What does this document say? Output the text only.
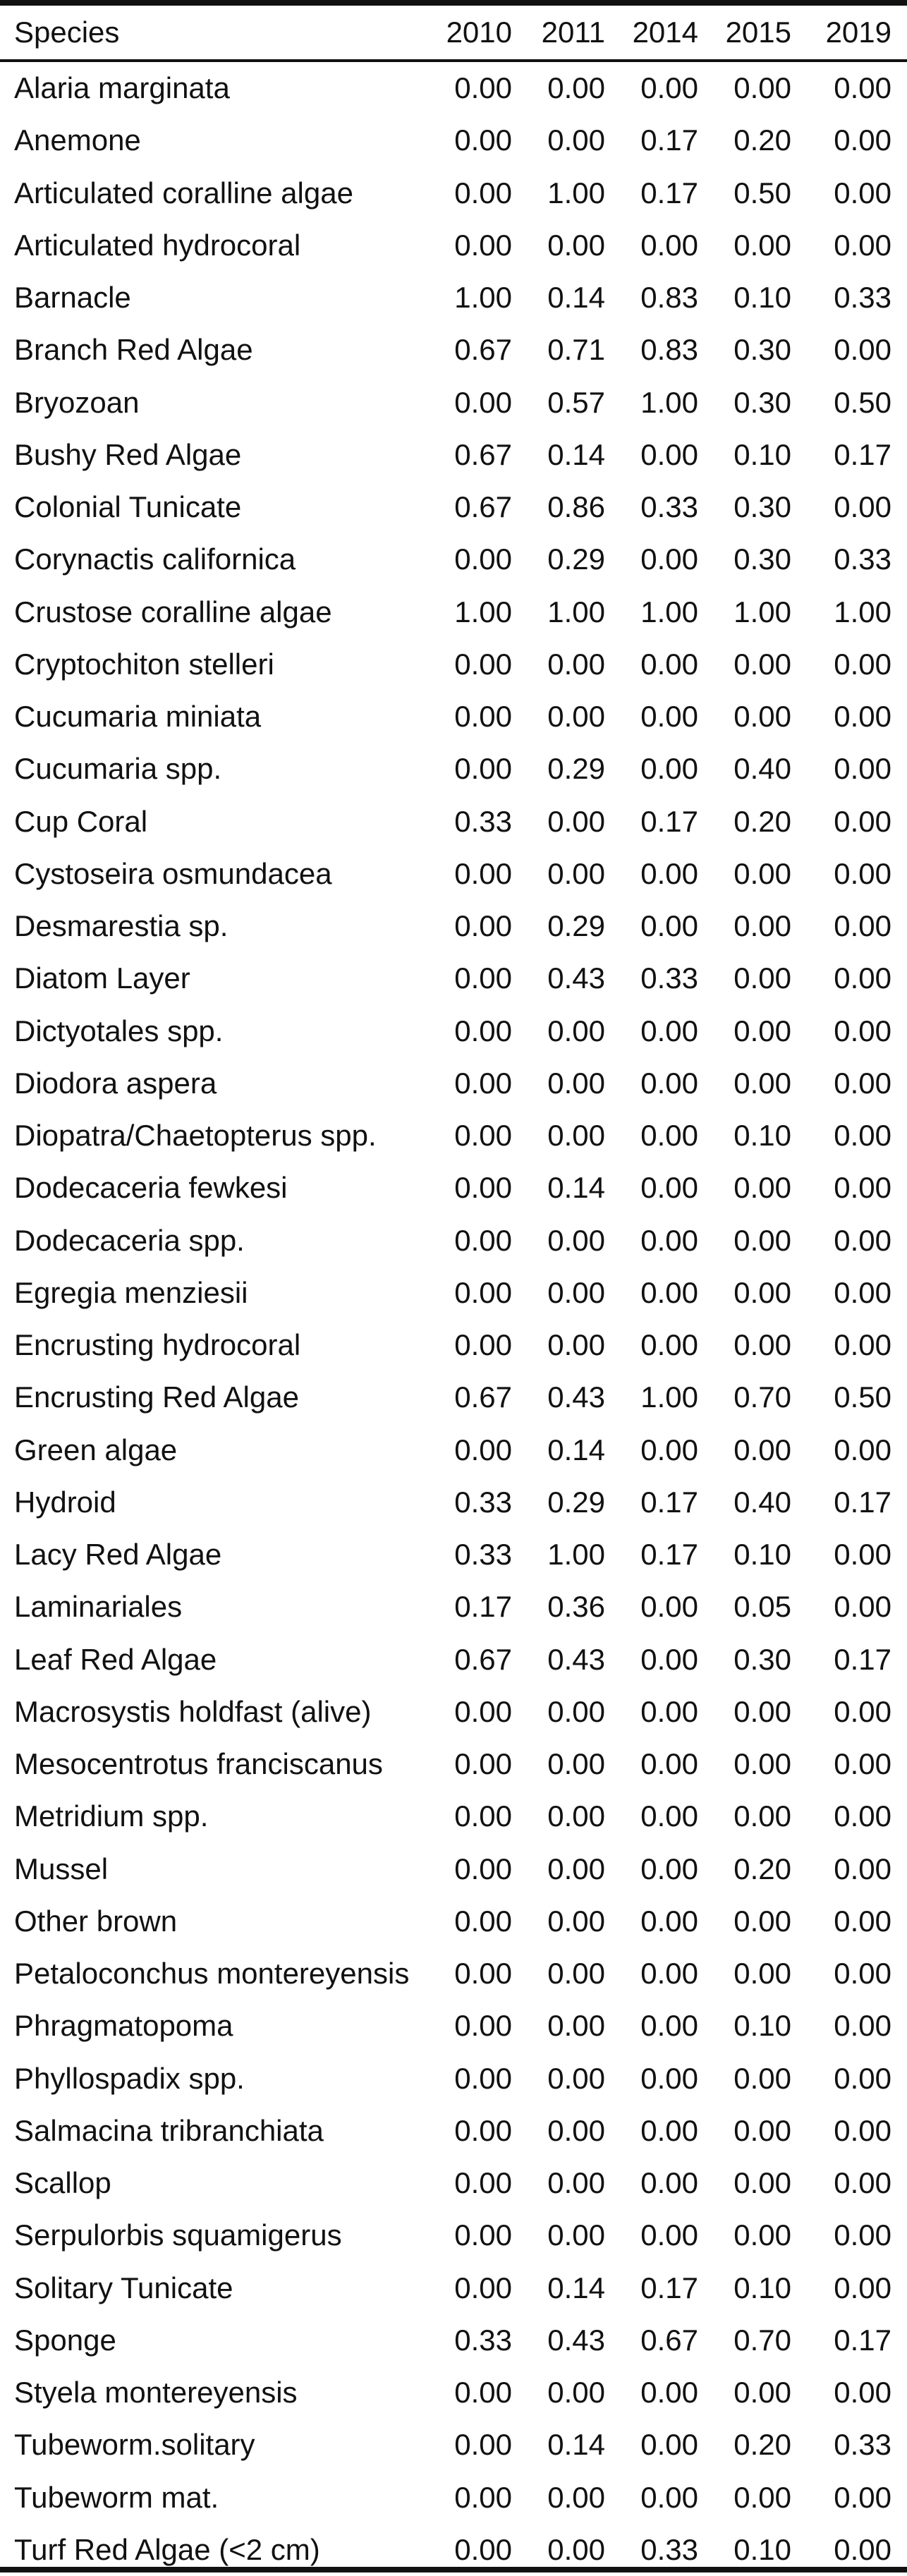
Species	2010 2011 2014 2015	2019
Alaria marginata	0.00	0.00	0.00	0.00	0.00
Anemone	0.00	0.00	0.17	0.20	0.00
Articulated coralline algae	0.00	1.00	0.17	0.50	0.00
Articulated hydrocoral	0.00	0.00	0.00	0.00	0.00
Barnacle	1.00	0.14	0.83	0.10	0.33
Branch Red Algae	0.67	0.71	0.83	0.30	0.00
Bryozoan	0.00	0.57	1.00	0.30	0.50
Bushy Red Algae	0.67	0.14	0.00	0.10	0.17
Colonial Tunicate	0.67	0.86	0.33	0.30	0.00
Corynactis californica	0.00	0.29	0.00	0.30	0.33
Crustose coralline algae	1.00	1.00	1.00	1.00	1.00
Cryptochiton stelleri	0.00	0.00	0.00	0.00	0.00
Cucumaria miniata	0.00	0.00	0.00	0.00	0.00
Cucumaria spp.	0.00	0.29	0.00	0.40	0.00
Cup Coral	0.33	0.00	0.17	0.20	0.00
Cystoseira osmundacea	0.00	0.00	0.00	0.00	0.00
Desmarestia sp.	0.00	0.29	0.00	0.00	0.00
Diatom Layer	0.00	0.43	0.33	0.00	0.00
Dictyotales spp.	0.00	0.00	0.00	0.00	0.00
Diodora aspera	0.00	0.00	0.00	0.00	0.00
Diopatra/Chaetopterus spp.	0.00	0.00	0.00	0.10	0.00
Dodecaceria fewkesi	0.00	0.14	0.00	0.00	0.00
Dodecaceria spp.	0.00	0.00	0.00	0.00	0.00
Egregia menziesii	0.00	0.00	0.00	0.00	0.00
Encrusting hydrocoral	0.00	0.00	0.00	0.00	0.00
Encrusting Red Algae	0.67	0.43	1.00	0.70	0.50
Green algae	0.00	0.14	0.00	0.00	0.00
Hydroid	0.33	0.29	0.17	0.40	0.17
Lacy Red Algae	0.33	1.00	0.17	0.10	0.00
Laminariales	0.17	0.36	0.00	0.05	0.00
Leaf Red Algae	0.67	0.43	0.00	0.30	0.17
Macrosystis holdfast (alive)	0.00	0.00	0.00	0.00	0.00
Mesocentrotus franciscanus	0.00	0.00	0.00	0.00	0.00
Metridium spp.	0.00	0.00	0.00	0.00	0.00
Mussel	0.00	0.00	0.00	0.20	0.00
Other brown	0.00	0.00	0.00	0.00	0.00
Petaloconchus montereyensis	0.00	0.00	0.00	0.00	0.00
Phragmatopoma	0.00	0.00	0.00	0.10	0.00
Phyllospadix spp.	0.00	0.00	0.00	0.00	0.00
Salmacina tribranchiata	0.00	0.00	0.00	0.00	0.00
Scallop	0.00	0.00	0.00	0.00	0.00
Serpulorbis squamigerus	0.00	0.00	0.00	0.00	0.00
Solitary Tunicate	0.00	0.14	0.17	0.10	0.00
Sponge	0.33	0.43	0.67	0.70	0.17
Styela montereyensis	0.00	0.00	0.00	0.00	0.00
Tubeworm.solitary	0.00	0.14	0.00	0.20	0.33
Tubeworm mat.	0.00	0.00	0.00	0.00	0.00
Turf Red Algae (<2 cm)	0.00	0.00	0.33	0.10	0.00
